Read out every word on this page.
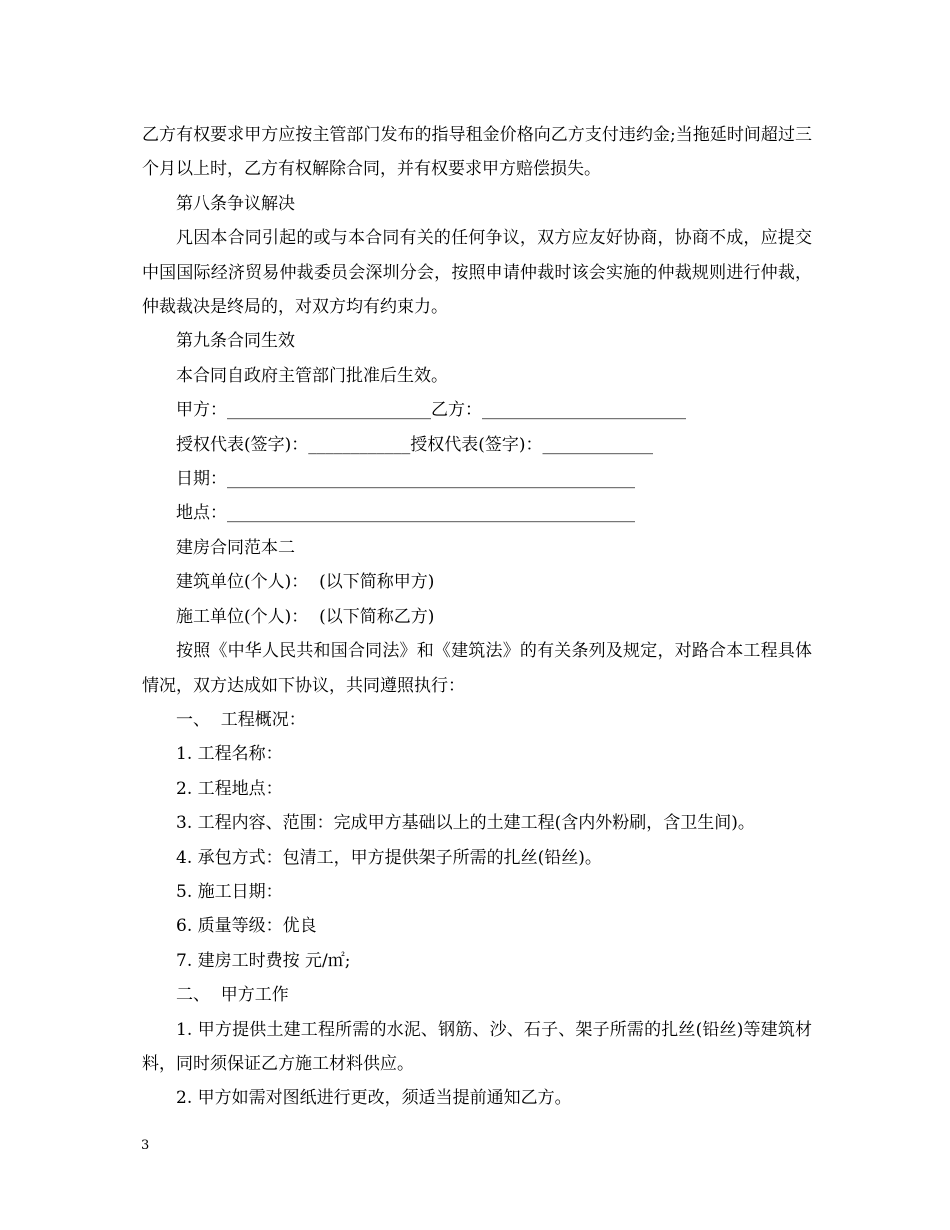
乙方有权要求甲方应按主管部门发布的指导租金价格向乙方支付违约金;当拖延时间超过三个月以上时，乙方有权解除合同，并有权要求甲方赔偿损失。

第八条争议解决

凡因本合同引起的或与本合同有关的任何争议，双方应友好协商，协商不成，应提交中国国际经济贸易仲裁委员会深圳分会，按照申请仲裁时该会实施的仲裁规则进行仲裁，仲裁裁决是终局的，对双方均有约束力。

第九条合同生效

本合同自政府主管部门批准后生效。

甲方：________________________乙方：________________________
授权代表(签字)：____________授权代表(签字)：_____________
日期：________________________________________________
地点：________________________________________________

建房合同范本二

建筑单位(个人)：  (以下简称甲方)

施工单位(个人)：  (以下简称乙方)

按照《中华人民共和国合同法》和《建筑法》的有关条列及规定，对路合本工程具体情况，双方达成如下协议，共同遵照执行：

一、  工程概况：

1. 工程名称：

2. 工程地点：

3. 工程内容、范围：完成甲方基础以上的土建工程(含内外粉刷，含卫生间)。

4. 承包方式：包清工，甲方提供架子所需的扎丝(铅丝)。

5. 施工日期：

6. 质量等级：优良

7. 建房工时费按 元/㎡;

二、  甲方工作

1. 甲方提供土建工程所需的水泥、钢筋、沙、石子、架子所需的扎丝(铅丝)等建筑材料，同时须保证乙方施工材料供应。

2. 甲方如需对图纸进行更改，须适当提前通知乙方。

3
